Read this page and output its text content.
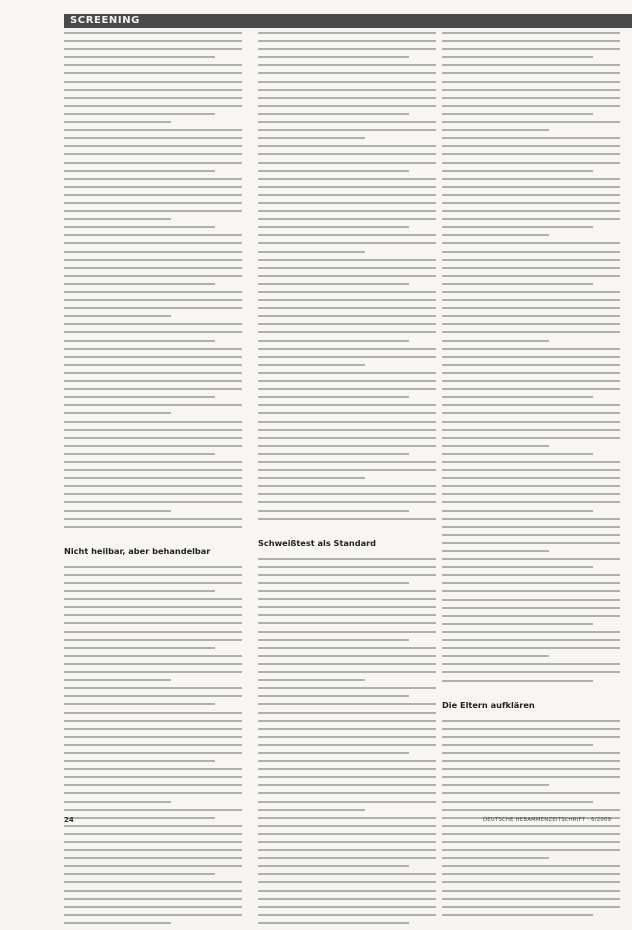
SCREENING
Nicht heilbar, aber behandelbar
Schweißtest als Standard
Die Eltern aufklären
24	DEUTSCHE HEBAMMENZEITSCHRIFT · 6/2009
